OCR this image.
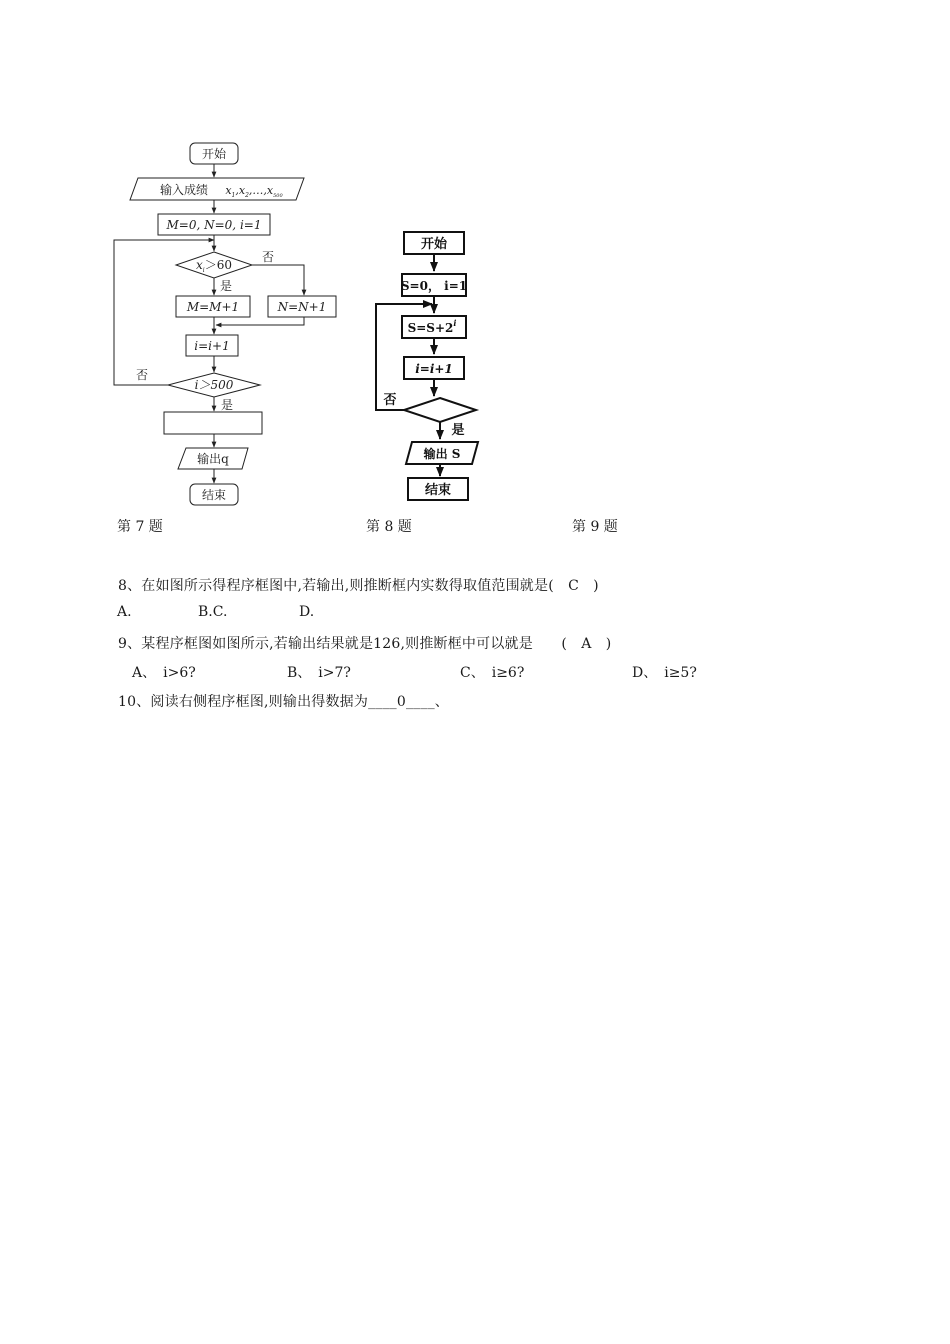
开始
输入成绩 $x_1,x_2,\dots,x_{500}$
M=0, N=0, i=1
$x_i>60$
否
是
M=M+1	N=N+1
i=i+1
i＞500
否
是
输出q
结束
开始
S=0， i=1
$S=S+2^i$
i=i+1
否
是
输出 S
结束
第 7 题	第 8 题	第 9 题
8、在如图所示得程序框图中,若输出,则推断框内实数得取值范围就是(　C　)
A.	B.C.	D.
9、某程序框图如图所示,若输出结果就是126,则推断框中可以就是　　(　A　)
A、　i>6?	B、　i>7?	C、　i≥6?	D、　i≥5?
10、阅读右侧程序框图,则输出得数据为____0____、
